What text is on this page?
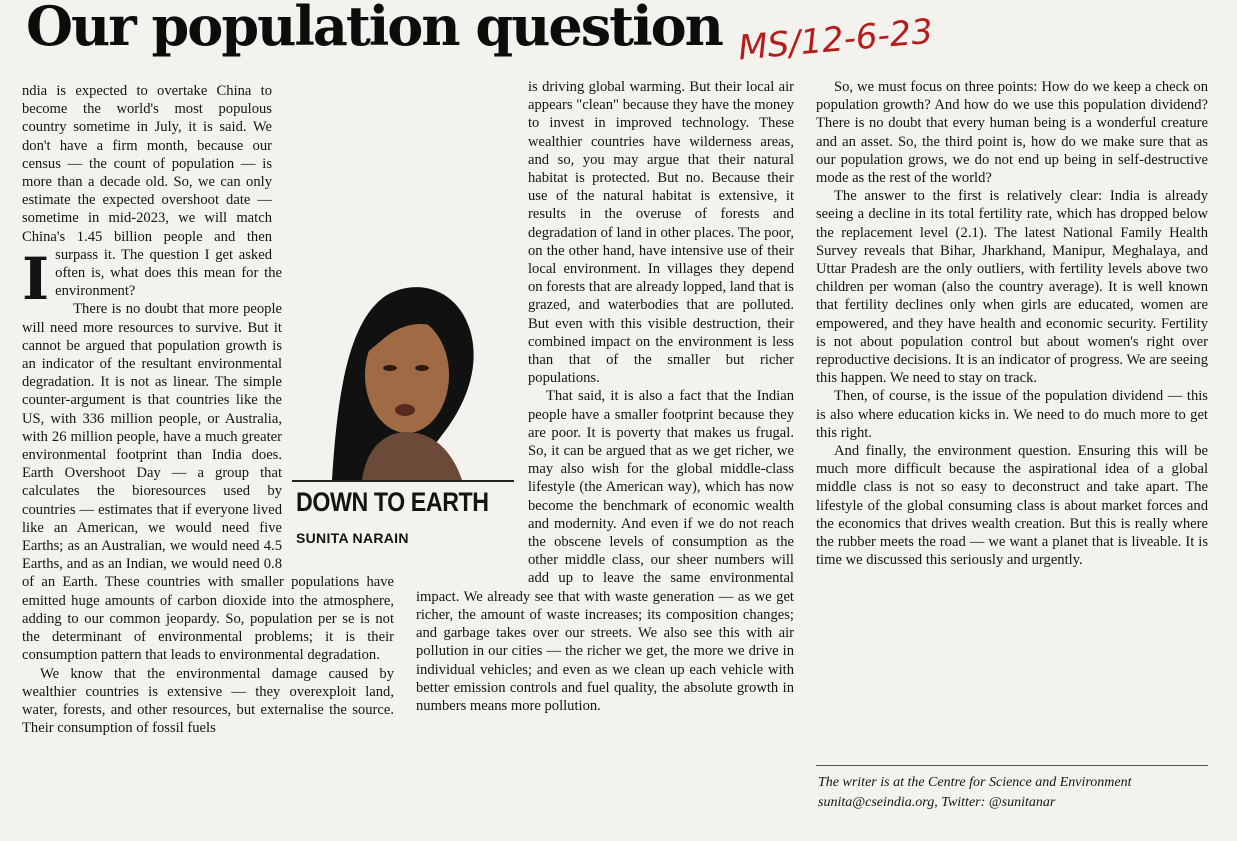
Our population question MS/12-6-23

I
ndia is expected to overtake China to become the world's most populous country sometime in July, it is said. We don't have a firm month, because our census — the count of population — is more than a decade old. So, we can only estimate the expected overshoot date — sometime in mid-2023, we will match China's 1.45 billion people and then surpass it. The question I get asked often is, what does this mean for the environment?

There is no doubt that more people will need more resources to survive. But it cannot be argued that population growth is an indicator of the resultant environmental degradation. It is not as linear. The simple counter-argument is that countries like the US, with 336 million people, or Australia, with 26 million people, have a much greater environmental footprint than India does. Earth Overshoot Day — a group that calculates the bioresources used by countries — estimates that if everyone lived like an American, we would need five Earths; as an Australian, we would need 4.5 Earths, and as an Indian, we would need 0.8 of an Earth. These countries with smaller populations have emitted huge amounts of carbon dioxide into the atmosphere, adding to our common jeopardy. So, population per se is not the determinant of environmental problems; it is their consumption pattern that leads to environmental degradation.

We know that the environmental damage caused by wealthier countries is extensive — they overexploit land, water, forests, and other resources, but externalise the source. Their consumption of fossil fuels

DOWN TO EARTH
SUNITA NARAIN

is driving global warming. But their local air appears "clean" because they have the money to invest in improved technology. These wealthier countries have wilderness areas, and so, you may argue that their natural habitat is protected. But no. Because their use of the natural habitat is extensive, it results in the overuse of forests and degradation of land in other places. The poor, on the other hand, have intensive use of their local environment. In villages they depend on forests that are already lopped, land that is grazed, and waterbodies that are polluted. But even with this visible destruction, their combined impact on the environment is less than that of the smaller but richer populations.

That said, it is also a fact that the Indian people have a smaller footprint because they are poor. It is poverty that makes us frugal. So, it can be argued that as we get richer, we may also wish for the global middle-class lifestyle (the American way), which has now become the benchmark of economic wealth and modernity. And even if we do not reach the obscene levels of consumption as the other middle class, our sheer numbers will add up to leave the same environmental impact. We already see that with waste generation — as we get richer, the amount of waste increases; its composition changes; and garbage takes over our streets. We also see this with air pollution in our cities — the richer we get, the more we drive in individual vehicles; and even as we clean up each vehicle with better emission controls and fuel quality, the absolute growth in numbers means more pollution.

So, we must focus on three points: How do we keep a check on population growth? And how do we use this population dividend? There is no doubt that every human being is a wonderful creature and an asset. So, the third point is, how do we make sure that as our population grows, we do not end up being in self-destructive mode as the rest of the world?

The answer to the first is relatively clear: India is already seeing a decline in its total fertility rate, which has dropped below the replacement level (2.1). The latest National Family Health Survey reveals that Bihar, Jharkhand, Manipur, Meghalaya, and Uttar Pradesh are the only outliers, with fertility levels above two children per woman (also the country average). It is well known that fertility declines only when girls are educated, women are empowered, and they have health and economic security. Fertility is not about population control but about women's right over reproductive decisions. It is an indicator of progress. We are seeing this happen. We need to stay on track.

Then, of course, is the issue of the population dividend — this is also where education kicks in. We need to do much more to get this right.

And finally, the environment question. Ensuring this will be much more difficult because the aspirational idea of a global middle class is not so easy to deconstruct and take apart. The lifestyle of the global consuming class is about market forces and the economics that drives wealth creation. But this is really where the rubber meets the road — we want a planet that is liveable. It is time we discussed this seriously and urgently.

The writer is at the Centre for Science and Environment
sunita@cseindia.org, Twitter: @sunitanar
